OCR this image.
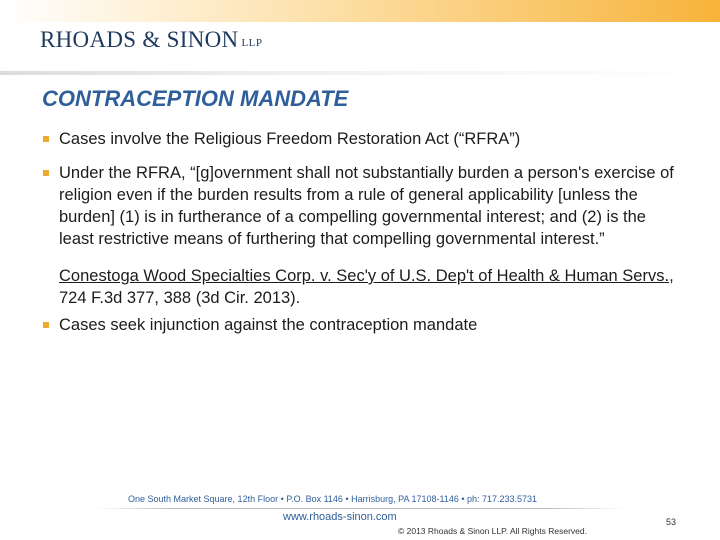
RHOADS & SINON LLP
CONTRACEPTION MANDATE
Cases involve the Religious Freedom Restoration Act (“RFRA”)
Under the RFRA, “[g]overnment shall not substantially burden a person's exercise of religion even if the burden results from a rule of general applicability [unless the burden] (1) is in furtherance of a compelling governmental interest; and (2) is the least restrictive means of furthering that compelling governmental interest.”
Conestoga Wood Specialties Corp. v. Sec'y of U.S. Dep't of Health & Human Servs., 724 F.3d 377, 388 (3d Cir. 2013).
Cases seek injunction against the contraception mandate
One South Market Square, 12th Floor • P.O. Box 1146 • Harrisburg, PA 17108-1146 • ph: 717.233.5731
www.rhoads-sinon.com
© 2013 Rhoads & Sinon LLP. All Rights Reserved.
53
